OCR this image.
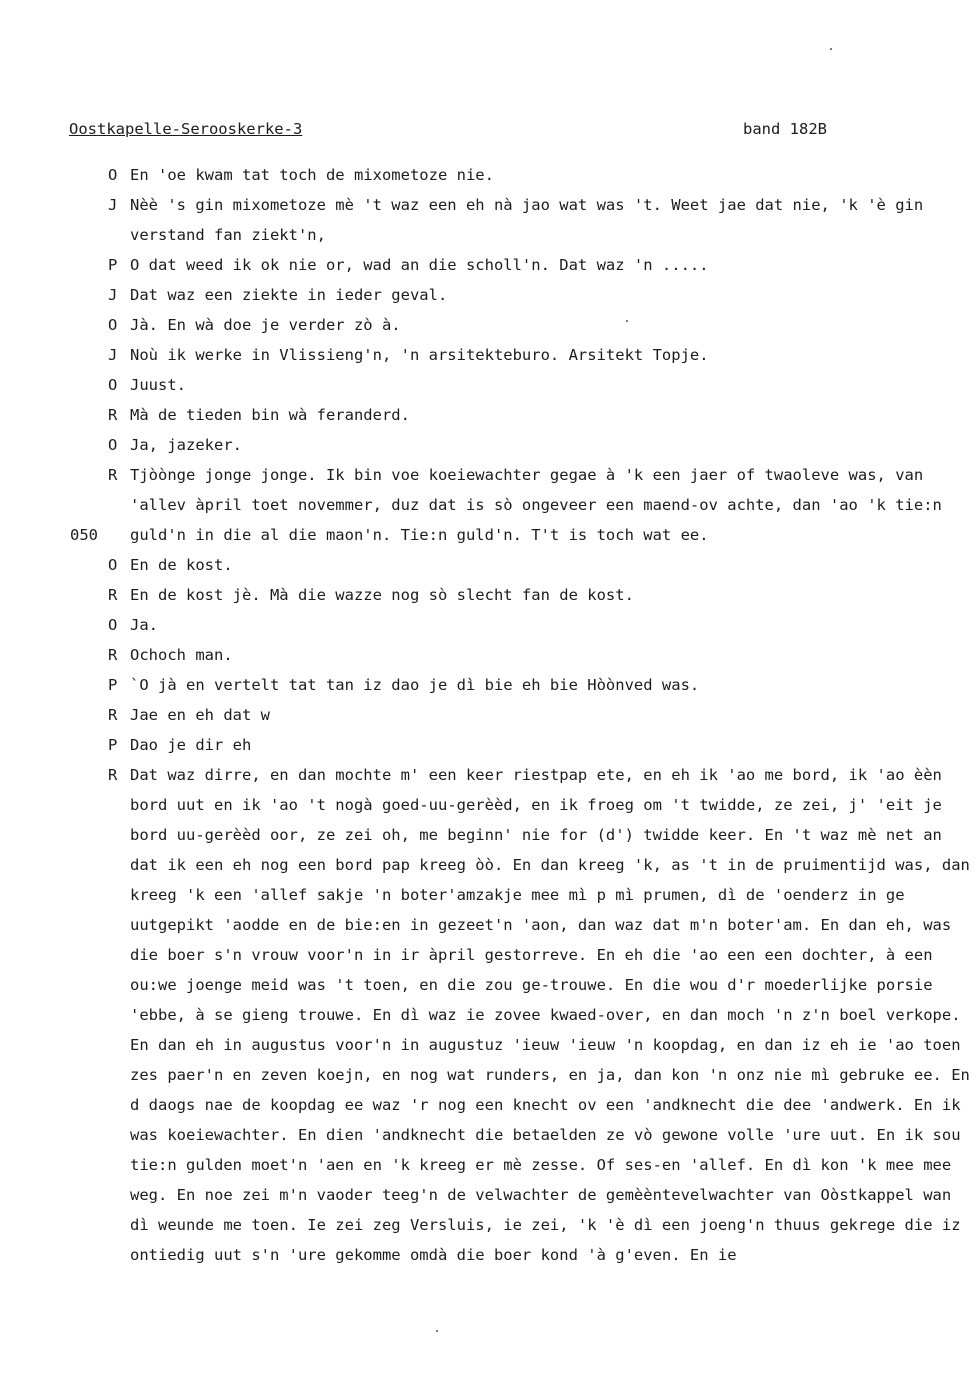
Oostkapelle-Serooskerke-3	band 182B
O En 'oe kwam tat toch de mixometoze nie.
J Nèè 's gin mixometoze mè 't waz een eh nà jao wat was 't. Weet jae dat nie, 'k 'è gin verstand fan ziekt'n,
P O dat weed ik ok nie or, wad an die scholl'n. Dat waz 'n .....
J Dat waz een ziekte in ieder geval.
O Jà. En wà doe je verder zò à.
J Noù ik werke in Vlissieng'n, 'n arsitekteburo. Arsitekt Topje.
O Juust.
R Mà de tieden bin wà feranderd.
O Ja, jazeker.
R
050
Tjòònge jonge jonge. Ik bin voe koeiewachter gegae à 'k een jaer of twaoleve was, van 'allev àpril toet novemmer, duz dat is sò ongeveer een maend-ov achte, dan 'ao 'k tie:n guld'n in die al die maon'n. Tie:n guld'n. T't is toch wat ee.
O En de kost.
R En de kost jè. Mà die wazze nog sò slecht fan de kost.
O Ja.
R Ochoch man.
P `O jà en vertelt tat tan iz dao je dì bie eh bie Hòònved was.
R Jae en eh dat w
P Dao je dir eh
R Dat waz dirre, en dan mochte m' een keer riestpap ete, en eh ik 'ao me bord, ik 'ao èèn bord uut en ik 'ao 't nogà goed-uu-gerèèd, en ik froeg om 't twidde, ze zei, j' 'eit je bord uu-gerèèd oor, ze zei oh, me beginn' nie for (d') twidde keer. En 't waz mè net an dat ik een eh nog een bord pap kreeg òò. En dan kreeg 'k, as 't in de pruimentijd was, dan kreeg 'k een 'allef sakje 'n boter'amzakje mee mì p mì prumen, dì de 'oenderz in ge uutgepikt 'aodde en de bie:en in gezeet'n 'aon, dan waz dat m'n boter'am. En dan eh, was die boer s'n vrouw voor'n in ir àpril gestorreve. En eh die 'ao een een dochter, à een ou:we joenge meid was 't toen, en die zou ge-trouwe. En die wou d'r moederlijke porsie 'ebbe, à se gieng trouwe. En dì waz ie zovee kwaed-over, en dan moch 'n z'n boel verkope. En dan eh in augustus voor'n in augustuz 'ieuw 'ieuw 'n koopdag, en dan iz eh ie 'ao toen zes paer'n en zeven koejn, en nog wat runders, en ja, dan kon 'n onz nie mì gebruke ee. En d daogs nae de koopdag ee waz 'r nog een knecht ov een 'andknecht die dee 'andwerk. En ik was koeiewachter. En dien 'andknecht die betaelden ze vò gewone volle 'ure uut. En ik sou tie:n gulden moet'n 'aen en 'k kreeg er mè zesse. Of ses-en 'allef. En dì kon 'k mee mee weg. En noe zei m'n vaoder teeg'n de velwachter de gemèèntevelwachter van Oòstkappel wan dì weunde me toen. Ie zei zeg Versluis, ie zei, 'k 'è dì een joeng'n thuus gekrege die iz ontiedig uut s'n 'ure gekomme omdà die boer kond 'à g'even. En ie
